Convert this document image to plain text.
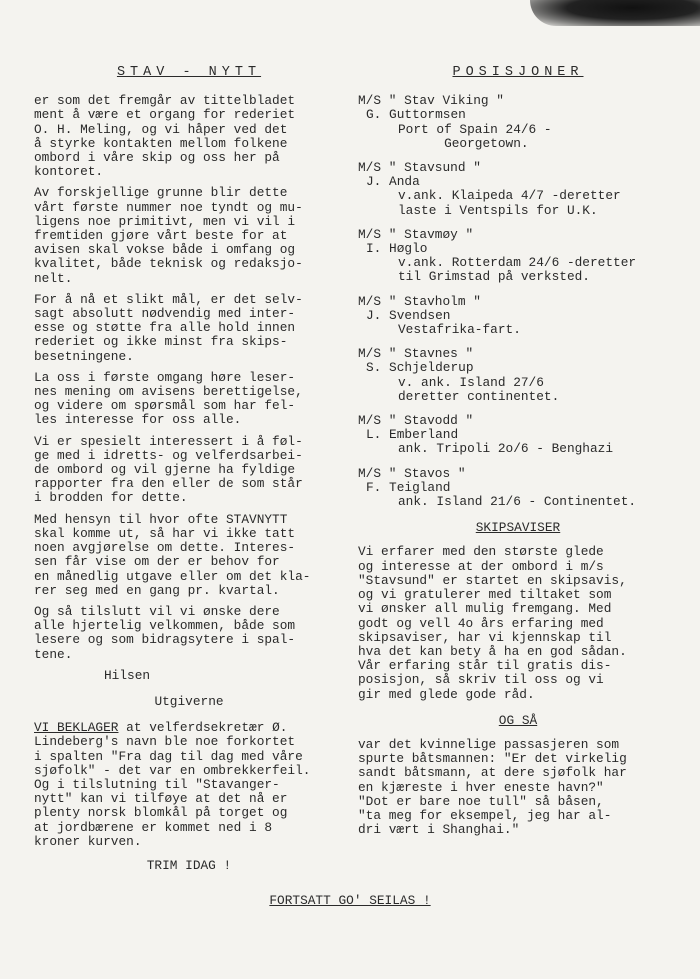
STAV - NYTT
er som det fremgår av tittelbladet
ment å være et organg for rederiet
O. H. Meling, og vi håper ved det
å styrke kontakten mellom folkene
ombord i våre skip og oss her på
kontoret.
Av forskjellige grunne blir dette
vårt første nummer noe tyndt og mu-
ligens noe primitivt, men vi vil i
fremtiden gjøre vårt beste for at
avisen skal vokse både i omfang og
kvalitet, både teknisk og redaksjo-
nelt.
For å nå et slikt mål, er det selv-
sagt absolutt nødvendig med inter-
esse og støtte fra alle hold innen
rederiet og ikke minst fra skips-
besetningene.
La oss i første omgang høre leser-
nes mening om avisens berettigelse,
og videre om spørsmål som har fel-
les interesse for oss alle.
Vi er spesielt interessert i å føl-
ge med i idretts- og velferdsarbei-
de ombord og vil gjerne ha fyldige
rapporter fra den eller de som står
i brodden for dette.
Med hensyn til hvor ofte STAVNYTT
skal komme ut, så har vi ikke tatt
noen avgjørelse om dette. Interes-
sen får vise om der er behov for
en månedlig utgave eller om det kla-
rer seg med en gang pr. kvartal.
Og så tilslutt vil vi ønske dere
alle hjertelig velkommen, både som
lesere og som bidragsytere i spal-
tene.
Hilsen
Utgiverne
VI BEKLAGER at velferdsekretær Ø.
Lindeberg's navn ble noe forkortet
i spalten "Fra dag til dag med våre
sjøfolk" - det var en ombrekkerfeil.
Og i tilslutning til "Stavanger-
nytt" kan vi tilføye at det nå er
plenty norsk blomkål på torget og
at jordbærene er kommet ned i 8
kroner kurven.
TRIM IDAG !
POSISJONER
M/S " Stav Viking "
G. Guttormsen
Port of Spain 24/6 -
Georgetown.
M/S " Stavsund "
J. Anda
v.ank. Klaipeda 4/7 -deretter
laste i Ventspils for U.K.
M/S " Stavmøy "
I. Høglo
v.ank. Rotterdam 24/6 -deretter
til Grimstad på verksted.
M/S " Stavholm "
J. Svendsen
Vestafrika-fart.
M/S " Stavnes "
S. Schjelderup
v. ank. Island 27/6
deretter continentet.
M/S " Stavodd "
L. Emberland
ank. Tripoli 2o/6 - Benghazi
M/S " Stavos "
F. Teigland
ank. Island 21/6 - Continentet.
SKIPSAVISER
Vi erfarer med den største glede
og interesse at der ombord i m/s
"Stavsund" er startet en skipsavis,
og vi gratulerer med tiltaket som
vi ønsker all mulig fremgang. Med
godt og vell 4o års erfaring med
skipsaviser, har vi kjennskap til
hva det kan bety å ha en god sådan.
Vår erfaring står til gratis dis-
posisjon, så skriv til oss og vi
gir med glede gode råd.
OG SÅ
var det kvinnelige passasjeren som
spurte båtsmannen: "Er det virkelig
sandt båtsmann, at dere sjøfolk har
en kjæreste i hver eneste havn?"
"Dot er bare noe tull" så båsen,
"ta meg for eksempel, jeg har al-
dri vært i Shanghai."
FORTSATT GO' SEILAS !
